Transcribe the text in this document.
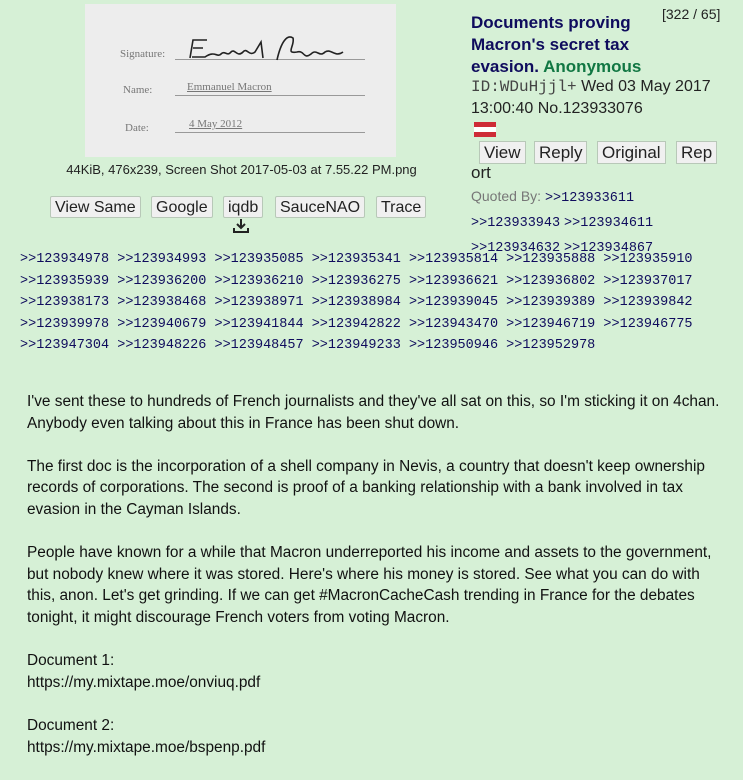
Signature:
Name:	Emmanuel Macron
Date:	4 May 2012
44KiB, 476x239, Screen Shot 2017-05-03 at 7.55.22 PM.png
View Same	Google	iqdb	SauceNAO	Trace
[322 / 65]
Documents proving Macron's secret tax evasion. Anonymous
ID:WDuHjjl+ Wed 03 May 2017 13:00:40 No.123933076
View Reply Original Rep
ort
Quoted By: >>123933611
>>123933943 >>123934611
>>123934632 >>123934867
>>123934978 >>123934993 >>123935085 >>123935341 >>123935814 >>123935888 >>123935910 >>123935939 >>123936200 >>123936210 >>123936275 >>123936621 >>123936802 >>123937017 >>123938173 >>123938468 >>123938971 >>123938984 >>123939045 >>123939389 >>123939842 >>123939978 >>123940679 >>123941844 >>123942822 >>123943470 >>123946719 >>123946775 >>123947304 >>123948226 >>123948457 >>123949233 >>123950946 >>123952978

I've sent these to hundreds of French journalists and they've all sat on this, so I'm sticking it on 4chan. Anybody even talking about this in France has been shut down.

The first doc is the incorporation of a shell company in Nevis, a country that doesn't keep ownership records of corporations. The second is proof of a banking relationship with a bank involved in tax evasion in the Cayman Islands.

People have known for a while that Macron underreported his income and assets to the government, but nobody knew where it was stored. Here's where his money is stored. See what you can do with this, anon. Let's get grinding. If we can get #MacronCacheCash trending in France for the debates tonight, it might discourage French voters from voting Macron.

Document 1:
https://my.mixtape.moe/onviuq.pdf

Document 2:
https://my.mixtape.moe/bspenp.pdf
